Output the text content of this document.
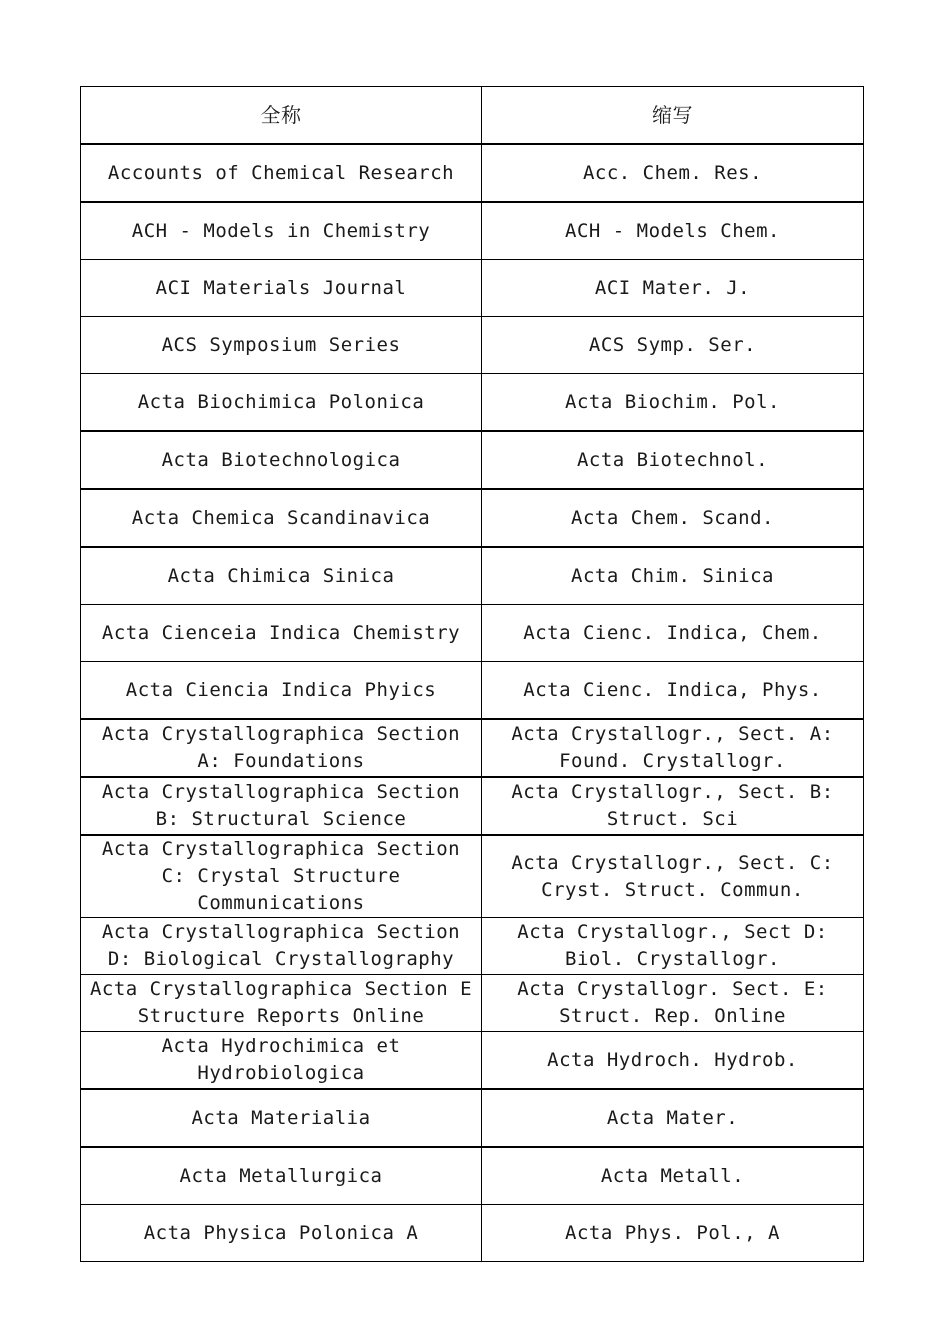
全称	缩写
Accounts of Chemical Research	Acc. Chem. Res.
ACH - Models in Chemistry	ACH - Models Chem.
ACI Materials Journal	ACI Mater. J.
ACS Symposium Series	ACS Symp. Ser.
Acta Biochimica Polonica	Acta Biochim. Pol.
Acta Biotechnologica	Acta Biotechnol.
Acta Chemica Scandinavica	Acta Chem. Scand.
Acta Chimica Sinica	Acta Chim. Sinica
Acta Cienceia Indica Chemistry	Acta Cienc. Indica, Chem.
Acta Ciencia Indica Phyics	Acta Cienc. Indica, Phys.
Acta Crystallographica Section A: Foundations	Acta Crystallogr., Sect. A: Found. Crystallogr.
Acta Crystallographica Section B: Structural Science	Acta Crystallogr., Sect. B: Struct. Sci
Acta Crystallographica Section C: Crystal Structure Communications	Acta Crystallogr., Sect. C: Cryst. Struct. Commun.
Acta Crystallographica Section D: Biological Crystallography	Acta Crystallogr., Sect D: Biol. Crystallogr.
Acta Crystallographica Section E Structure Reports Online	Acta Crystallogr. Sect. E: Struct. Rep. Online
Acta Hydrochimica et Hydrobiologica	Acta Hydroch. Hydrob.
Acta Materialia	Acta Mater.
Acta Metallurgica	Acta Metall.
Acta Physica Polonica A	Acta Phys. Pol., A
